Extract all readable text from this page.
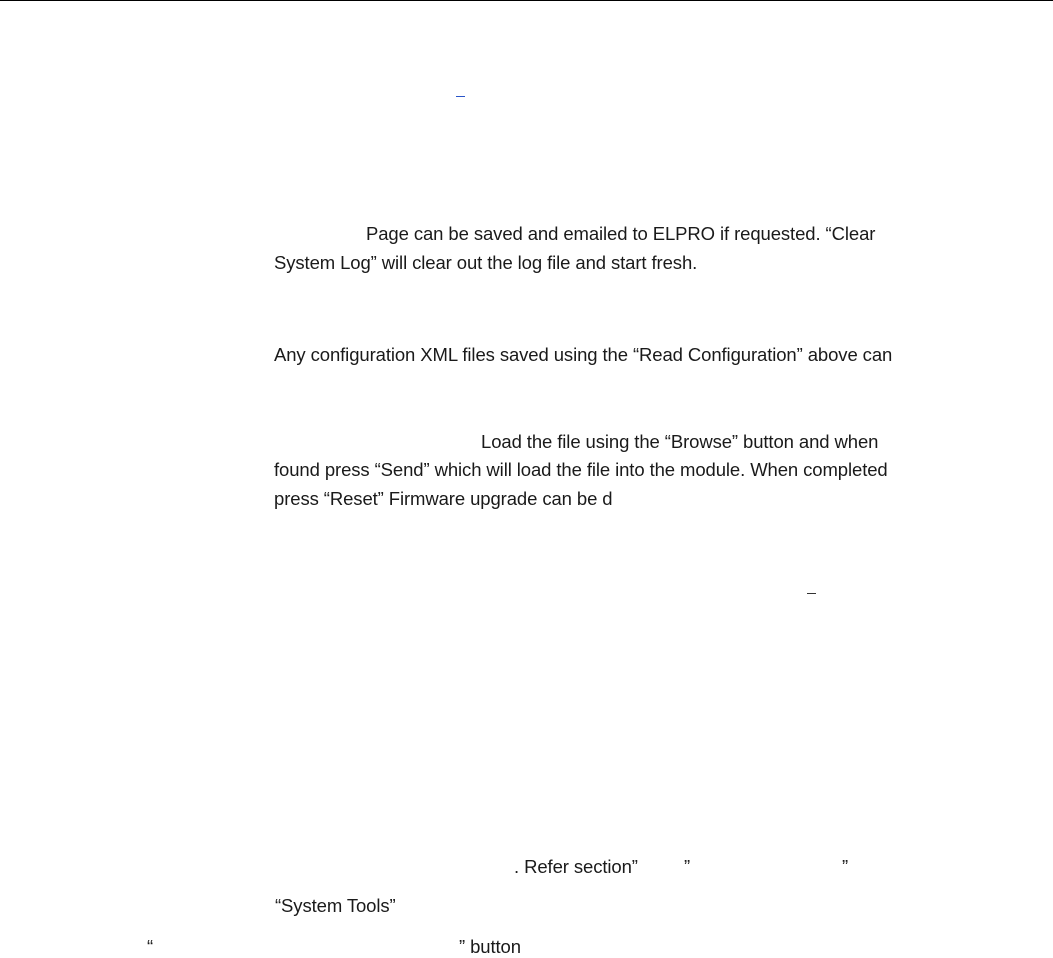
Page can be saved and emailed to ELPRO if requested. “Clear
System Log” will clear out the log file and start fresh.
Any configuration XML files saved using the “Read Configuration” above can
Load the file using the “Browse” button and when
found press “Send” which will load the file into the module. When completed
press “Reset” Firmware upgrade can be d
. Refer section” ”	”
“System Tools”
“	” button
